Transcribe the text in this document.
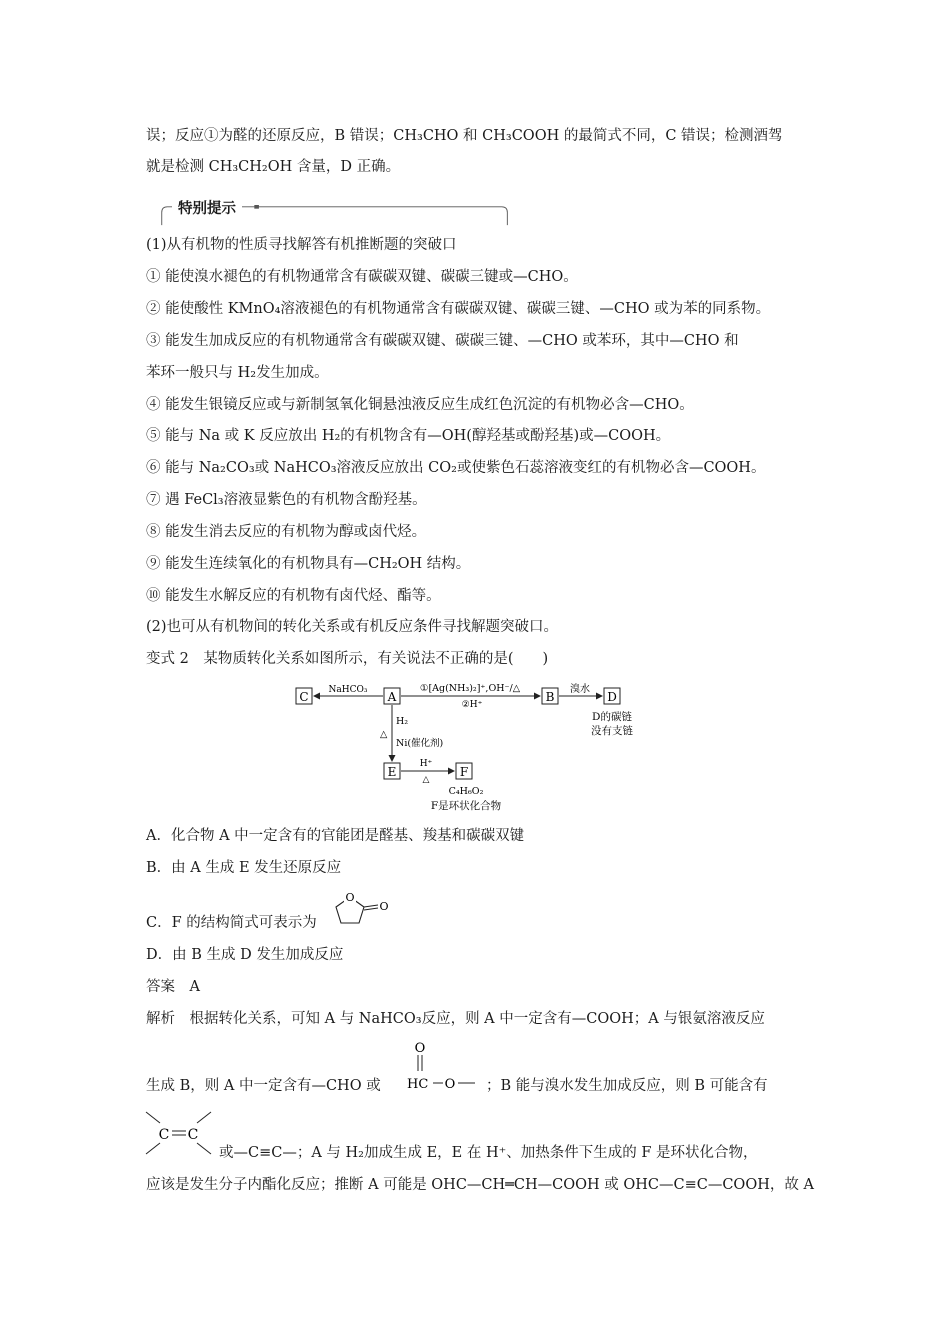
误；反应①为醛的还原反应，B 错误；CH₃CHO 和 CH₃COOH 的最简式不同，C 错误；检测酒驾
就是检测 CH₃CH₂OH 含量，D 正确。
特别提示
(1)从有机物的性质寻找解答有机推断题的突破口
① 能使溴水褪色的有机物通常含有碳碳双键、碳碳三键或—CHO。
② 能使酸性 KMnO₄溶液褪色的有机物通常含有碳碳双键、碳碳三键、—CHO 或为苯的同系物。
③ 能发生加成反应的有机物通常含有碳碳双键、碳碳三键、—CHO 或苯环，其中—CHO 和
苯环一般只与 H₂发生加成。
④ 能发生银镜反应或与新制氢氧化铜悬浊液反应生成红色沉淀的有机物必含—CHO。
⑤ 能与 Na 或 K 反应放出 H₂的有机物含有—OH(醇羟基或酚羟基)或—COOH。
⑥ 能与 Na₂CO₃或 NaHCO₃溶液反应放出 CO₂或使紫色石蕊溶液变红的有机物必含—COOH。
⑦ 遇 FeCl₃溶液显紫色的有机物含酚羟基。
⑧ 能发生消去反应的有机物为醇或卤代烃。
⑨ 能发生连续氧化的有机物具有—CH₂OH 结构。
⑩ 能发生水解反应的有机物有卤代烃、酯等。
(2)也可从有机物间的转化关系或有机反应条件寻找解题突破口。
变式 2　某物质转化关系如图所示，有关说法不正确的是(　　)
C	A	B	D
E	F
NaHCO₃	①[Ag(NH₃)₂]⁺,OH⁻/△
②H⁺
溴水
D的碳链
没有支链
H₂
△
Ni(催化剂)
H⁺
△
C₄H₆O₂
F是环状化合物
A．化合物 A 中一定含有的官能团是醛基、羧基和碳碳双键
B．由 A 生成 E 发生还原反应
C．F 的结构简式可表示为
O
O
D．由 B 生成 D 发生加成反应
答案　A
解析　根据转化关系，可知 A 与 NaHCO₃反应，则 A 中一定含有—COOH；A 与银氨溶液反应
生成 B，则 A 中一定含有—CHO 或
O
HC O ；B 能与溴水发生加成反应，则 B 可能含有
C C
或—C≡C—；A 与 H₂加成生成 E，E 在 H⁺、加热条件下生成的 F 是环状化合物，
应该是发生分子内酯化反应；推断 A 可能是 OHC—CH═CH—COOH 或 OHC—C≡C—COOH，故 A
